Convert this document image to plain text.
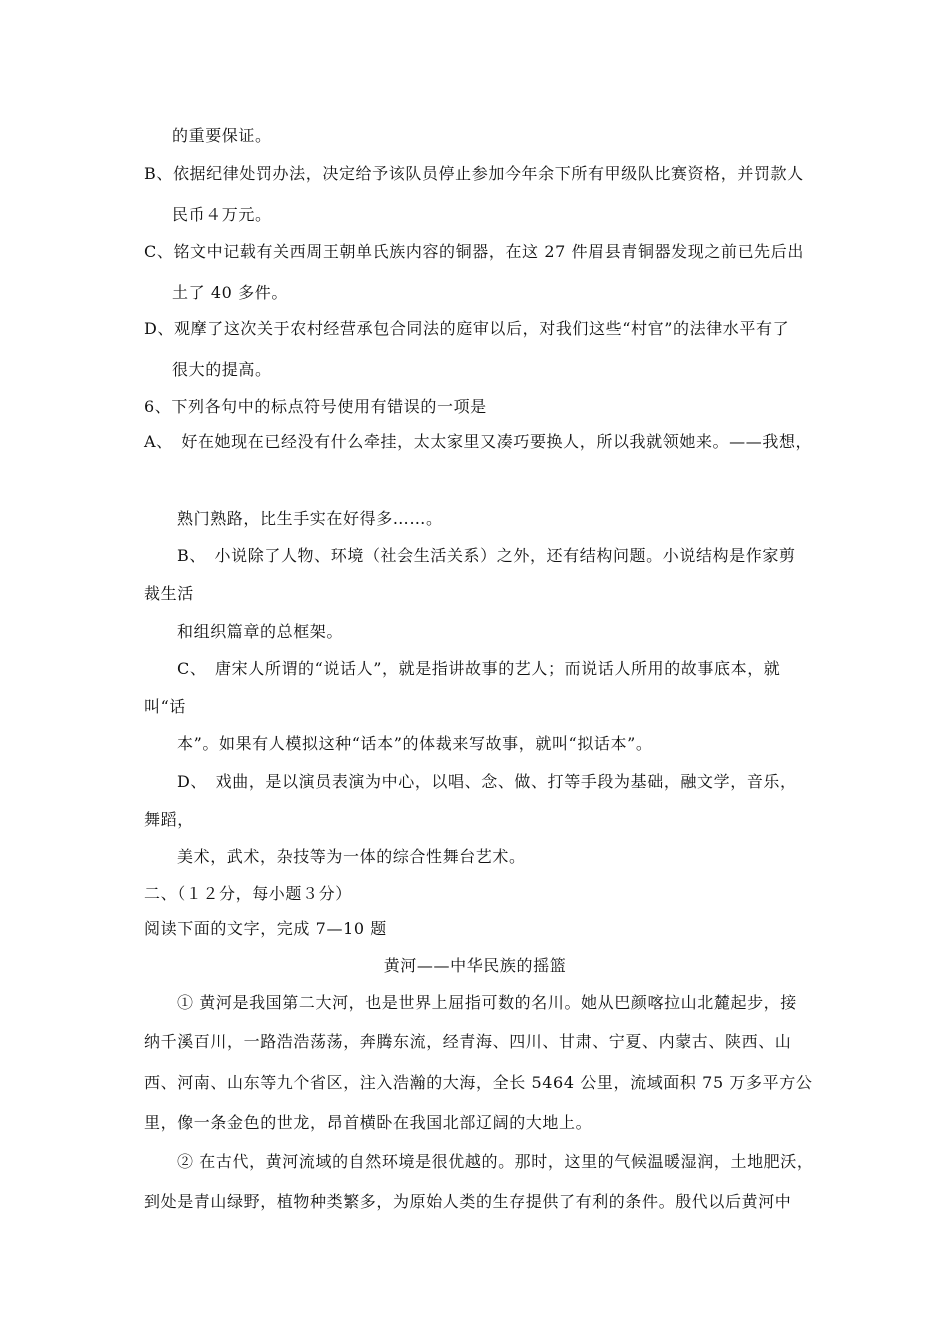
的重要保证。
B、依据纪律处罚办法，决定给予该队员停止参加今年余下所有甲级队比赛资格，并罚款人
民币４万元。
C、铭文中记载有关西周王朝单氏族内容的铜器，在这 27 件眉县青铜器发现之前已先后出
土了 40 多件。
D、观摩了这次关于农村经营承包合同法的庭审以后，对我们这些“村官”的法律水平有了
很大的提高。
6、下列各句中的标点符号使用有错误的一项是
A、　好在她现在已经没有什么牵挂，太太家里又凑巧要换人，所以我就领她来。——我想，
熟门熟路，比生手实在好得多……。
B、　小说除了人物、环境（社会生活关系）之外，还有结构问题。小说结构是作家剪
裁生活
和组织篇章的总框架。
C、　唐宋人所谓的“说话人”，就是指讲故事的艺人；而说话人所用的故事底本，就
叫“话
本”。如果有人模拟这种“话本”的体裁来写故事，就叫“拟话本”。
D、　戏曲，是以演员表演为中心，以唱、念、做、打等手段为基础，融文学，音乐，
舞蹈，
美术，武术，杂技等为一体的综合性舞台艺术。
二、（１２分，每小题３分）
阅读下面的文字，完成 7—10 题
黄河——中华民族的摇篮
① 黄河是我国第二大河，也是世界上屈指可数的名川。她从巴颜喀拉山北麓起步，接
纳千溪百川，一路浩浩荡荡，奔腾东流，经青海、四川、甘肃、宁夏、内蒙古、陕西、山
西、河南、山东等九个省区，注入浩瀚的大海，全长 5464 公里，流域面积 75 万多平方公
里，像一条金色的世龙，昂首横卧在我国北部辽阔的大地上。
② 在古代，黄河流域的自然环境是很优越的。那时，这里的气候温暖湿润，土地肥沃，
到处是青山绿野，植物种类繁多，为原始人类的生存提供了有利的条件。殷代以后黄河中
